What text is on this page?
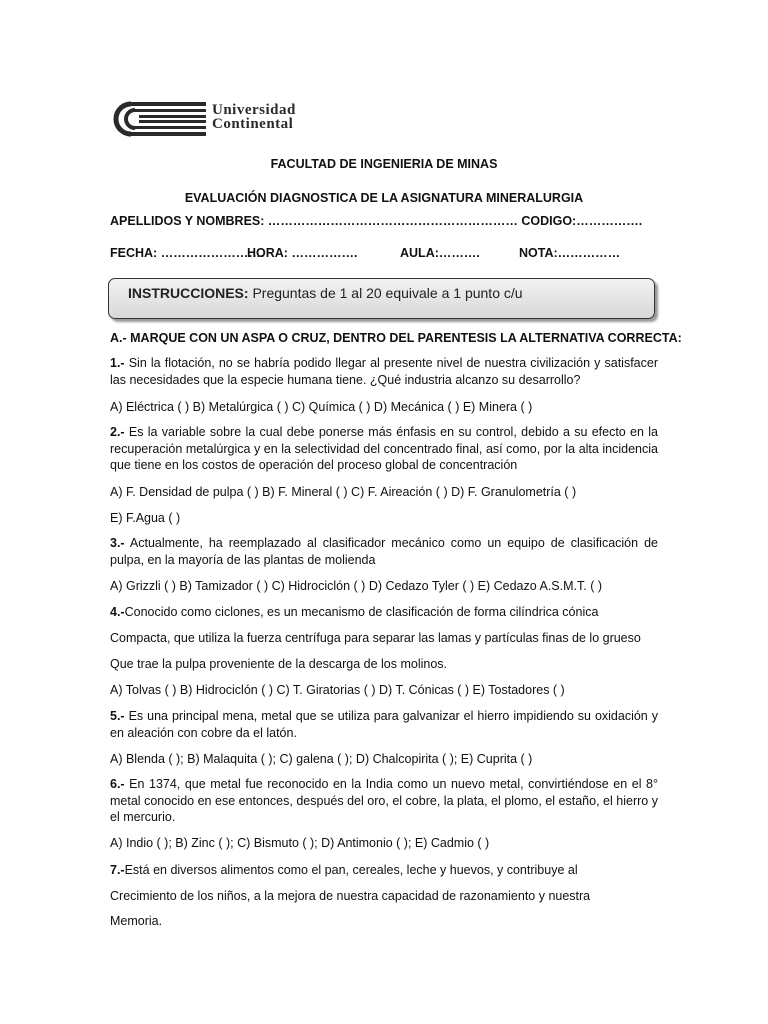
Universidad
Continental
FACULTAD DE INGENIERIA DE MINAS
EVALUACIÓN DIAGNOSTICA DE LA ASIGNATURA MINERALURGIA
APELLIDOS Y NOMBRES: …………………………………………………… CODIGO:…………….
FECHA: …………………….
HORA: …………….	AULA:……….	NOTA:……………
INSTRUCCIONES: Preguntas de 1 al 20 equivale a 1 punto c/u
A.- MARQUE CON UN ASPA O CRUZ, DENTRO DEL PARENTESIS LA ALTERNATIVA CORRECTA:
1.- Sin la flotación, no se habría podido llegar al presente nivel de nuestra civilización y satisfacer las necesidades que la especie humana tiene. ¿Qué industria alcanzo su desarrollo?
A) Eléctrica ( ) B) Metalúrgica ( ) C) Química ( ) D) Mecánica ( ) E) Minera ( )
2.- Es la variable sobre la cual debe ponerse más énfasis en su control, debido a su efecto en la recuperación metalúrgica y en la selectividad del concentrado final, así como, por la alta incidencia que tiene en los costos de operación del proceso global de concentración
A) F. Densidad de pulpa ( ) B) F. Mineral ( ) C) F. Aireación ( ) D) F. Granulometría ( )
E) F.Agua ( )
3.- Actualmente, ha reemplazado al clasificador mecánico como un equipo de clasificación de pulpa, en la mayoría de las plantas de molienda
A) Grizzli ( ) B) Tamizador ( ) C) Hidrociclón ( ) D) Cedazo Tyler ( ) E) Cedazo A.S.M.T. ( )
4.-Conocido como ciclones, es un mecanismo de clasificación de forma cilíndrica cónica
Compacta, que utiliza la fuerza centrífuga para separar las lamas y partículas finas de lo grueso
Que trae la pulpa proveniente de la descarga de los molinos.
A) Tolvas ( ) B) Hidrociclón ( ) C) T. Giratorias ( ) D) T. Cónicas ( ) E) Tostadores ( )
5.- Es una principal mena, metal que se utiliza para galvanizar el hierro impidiendo su oxidación y en aleación con cobre da el latón.
A) Blenda ( ); B) Malaquita ( ); C) galena ( ); D) Chalcopirita ( ); E) Cuprita ( )
6.- En 1374, que metal fue reconocido en la India como un nuevo metal, convirtiéndose en el 8° metal conocido en ese entonces, después del oro, el cobre, la plata, el plomo, el estaño, el hierro y el mercurio.
A) Indio ( ); B) Zinc ( ); C) Bismuto ( ); D) Antimonio ( ); E) Cadmio ( )
7.-Está en diversos alimentos como el pan, cereales, leche y huevos, y contribuye al
Crecimiento de los niños, a la mejora de nuestra capacidad de razonamiento y nuestra
Memoria.
